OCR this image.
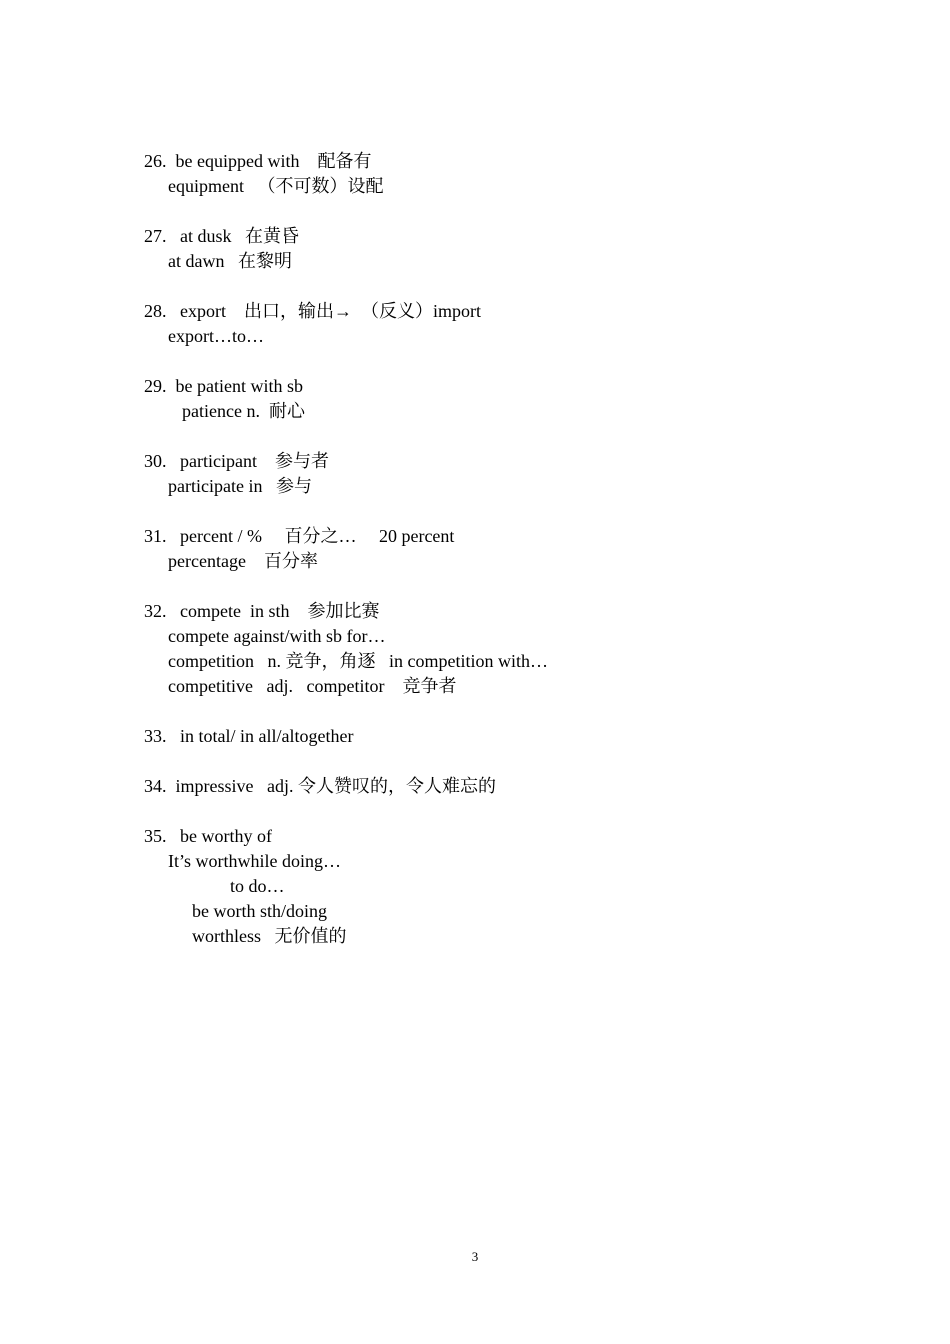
26.  be equipped with    配备有
equipment   （不可数）设配
27.   at dusk   在黄昏
at dawn   在黎明
28.   export    出口，输出→  （反义）import
export…to…
29.  be patient with sb
patience n.  耐心
30.   participant    参与者
participate in   参与
31.   percent / %     百分之…     20 percent
percentage    百分率
32.   compete  in sth    参加比赛
compete against/with sb for…
competition   n. 竞争，角逐   in competition with…
competitive   adj.   competitor    竞争者
33.   in total/ in all/altogether
34.  impressive   adj. 令人赞叹的，令人难忘的
35.   be worthy of
It’s worthwhile doing…
to do…
be worth sth/doing
worthless   无价值的
3
